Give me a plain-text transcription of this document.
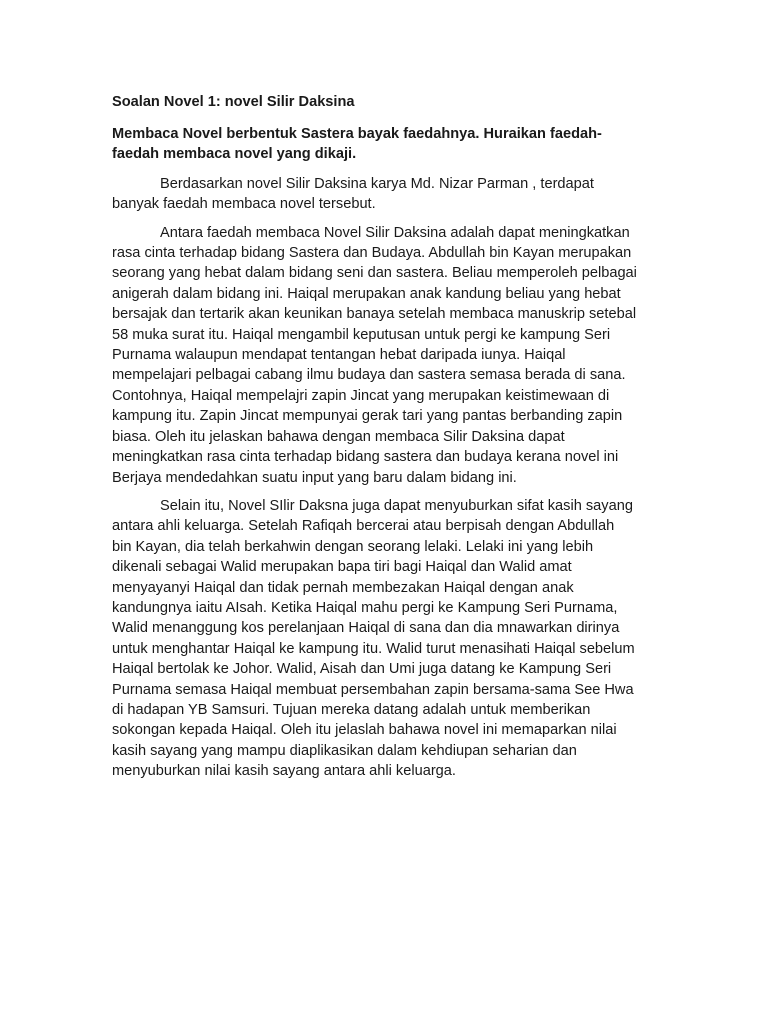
Soalan Novel 1: novel Silir Daksina
Membaca Novel berbentuk Sastera bayak faedahnya. Huraikan faedah-
faedah membaca novel yang dikaji.
Berdasarkan novel Silir Daksina karya Md. Nizar Parman , terdapat
banyak faedah membaca novel tersebut.
Antara faedah membaca Novel Silir Daksina adalah dapat meningkatkan
rasa cinta terhadap bidang Sastera dan Budaya. Abdullah bin Kayan merupakan
seorang yang hebat dalam bidang seni dan sastera. Beliau memperoleh pelbagai
anigerah dalam bidang ini. Haiqal merupakan anak kandung beliau yang hebat
bersajak dan tertarik akan keunikan banaya setelah membaca manuskrip setebal
58 muka surat itu. Haiqal mengambil keputusan untuk pergi ke kampung Seri
Purnama walaupun mendapat tentangan hebat daripada iunya. Haiqal
mempelajari pelbagai cabang ilmu budaya dan sastera semasa berada di sana.
Contohnya, Haiqal mempelajri zapin Jincat yang merupakan keistimewaan di
kampung itu. Zapin Jincat mempunyai gerak tari yang pantas berbanding zapin
biasa. Oleh itu jelaskan bahawa dengan membaca Silir Daksina dapat
meningkatkan rasa cinta terhadap bidang sastera dan budaya kerana novel ini
Berjaya mendedahkan suatu input yang baru dalam bidang ini.
Selain itu, Novel SIlir Daksna juga dapat menyuburkan sifat kasih sayang
antara ahli keluarga. Setelah Rafiqah bercerai atau berpisah dengan Abdullah
bin Kayan, dia telah berkahwin dengan seorang lelaki. Lelaki ini yang lebih
dikenali sebagai Walid merupakan bapa tiri bagi Haiqal dan Walid amat
menyayanyi Haiqal dan tidak pernah membezakan Haiqal dengan anak
kandungnya iaitu AIsah. Ketika Haiqal mahu pergi ke Kampung Seri Purnama,
Walid menanggung kos perelanjaan Haiqal di sana dan dia mnawarkan dirinya
untuk menghantar Haiqal ke kampung itu. Walid turut menasihati Haiqal sebelum
Haiqal bertolak ke Johor. Walid, Aisah dan Umi juga datang ke Kampung Seri
Purnama semasa Haiqal membuat persembahan zapin bersama-sama See Hwa
di hadapan YB Samsuri. Tujuan mereka datang adalah untuk memberikan
sokongan kepada Haiqal. Oleh itu jelaslah bahawa novel ini memaparkan nilai
kasih sayang yang mampu diaplikasikan dalam kehdiupan seharian dan
menyuburkan nilai kasih sayang antara ahli keluarga.
